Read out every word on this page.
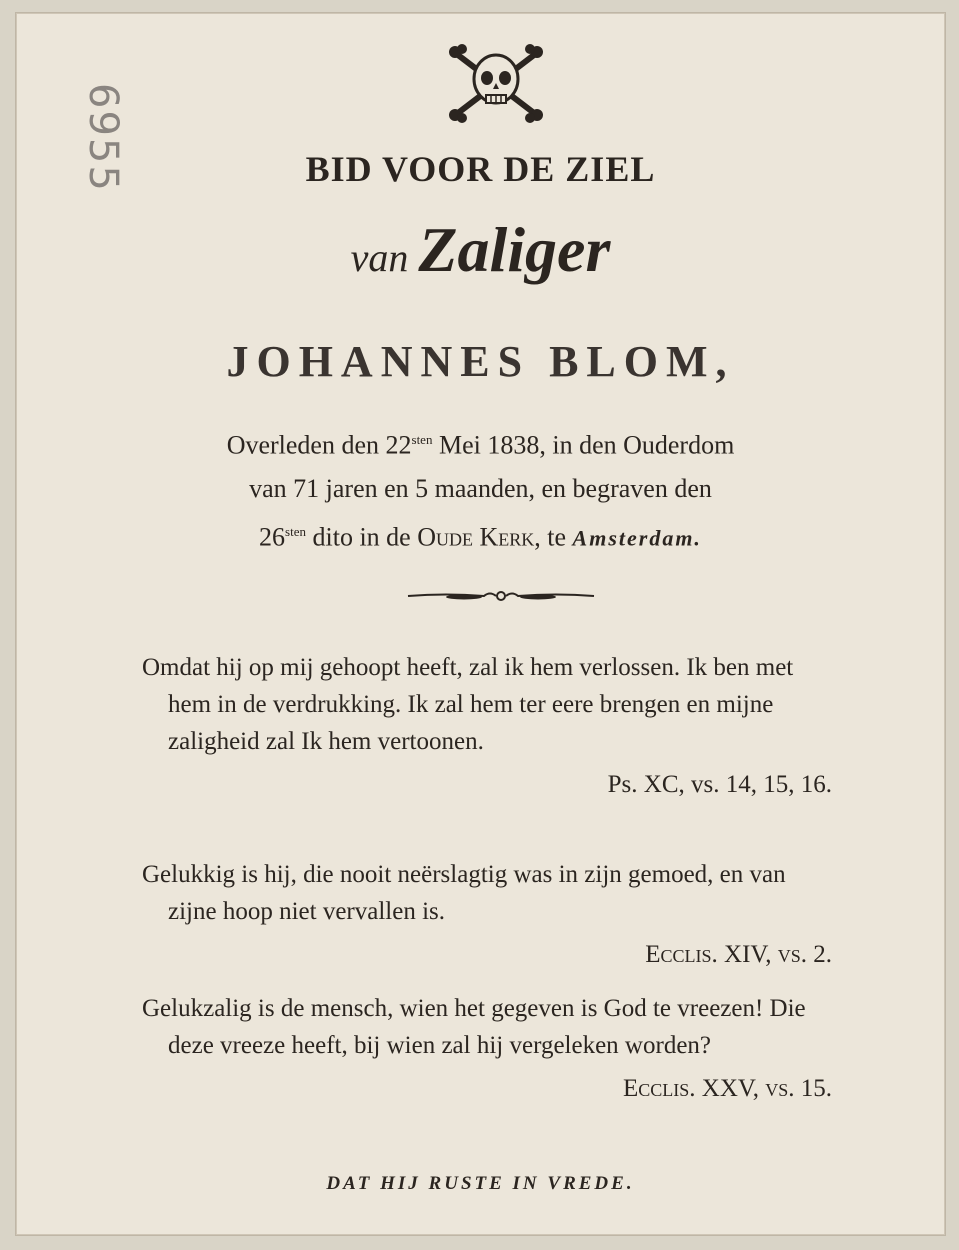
6955	BID VOOR DE ZIEL
van Zaliger
JOHANNES BLOM,
Overleden den $22^{sten}$ Mei 1838, in den Ouderdom
van 71 jaren en 5 maanden, en begraven den
$26^{sten}$ dito in de Oude Kerk, te Amsterdam.

Omdat hij op mij gehoopt heeft, zal ik hem verlossen. Ik ben met hem in de verdrukking. Ik zal hem ter eere brengen en mijne zaligheid zal Ik hem vertoonen.

Ps. XC, vs. 14, 15, 16.

Gelukkig is hij, die nooit neërslagtig was in zijn gemoed, en van zijne hoop niet vervallen is.

Ecclis. XIV, vs. 2.

Gelukzalig is de mensch, wien het gegeven is God te vreezen! Die deze vreeze heeft, bij wien zal hij vergeleken worden?

Ecclis. XXV, vs. 15.

DAT HIJ RUSTE IN VREDE.
